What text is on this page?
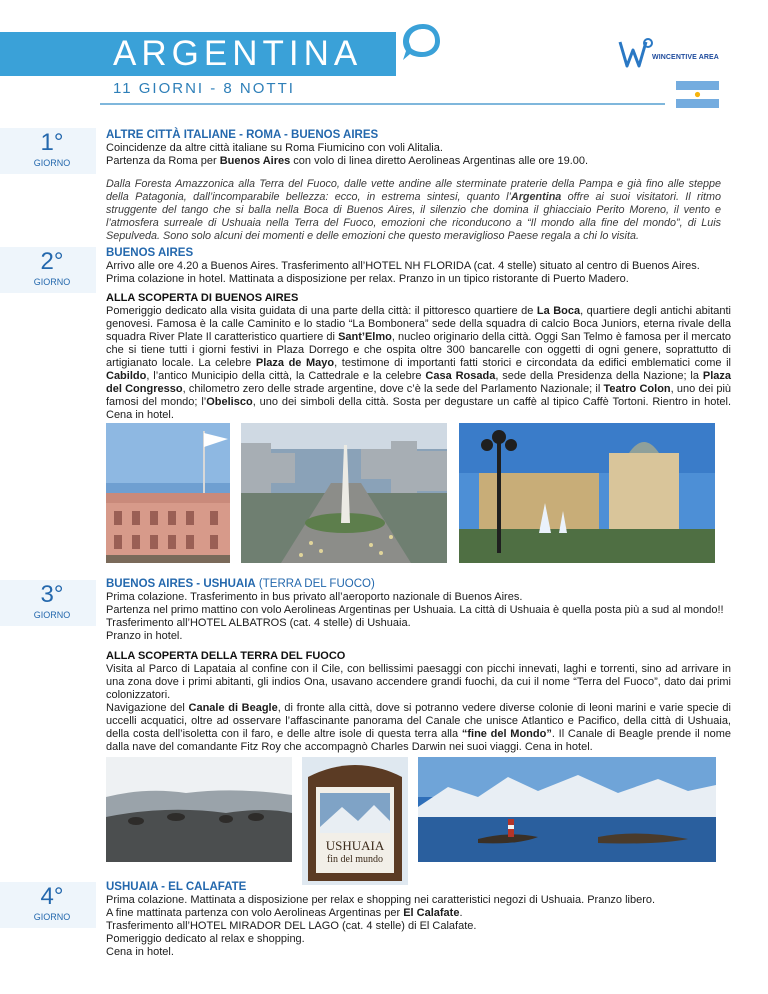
ARGENTINA	WINCENTIVE AREA
11 GIORNI - 8 NOTTI
1°
GIORNO
ALTRE CITTÀ ITALIANE - ROMA - BUENOS AIRES

Coincidenze da altre città italiane su Roma Fiumicino con voli Alitalia.

Partenza da Roma per Buenos Aires con volo di linea diretto Aerolineas Argentinas alle ore 19.00.

Dalla Foresta Amazzonica alla Terra del Fuoco, dalle vette andine alle sterminate praterie della Pampa e già fino alle steppe della Patagonia, dall’incomparabile bellezza: ecco, in estrema sintesi, quanto l’Argentina offre ai suoi visitatori. Il ritmo struggente del tango che si balla nella Boca di Buenos Aires, il silenzio che domina il ghiacciaio Perito Moreno, il vento e l’atmosfera surreale di Ushuaia nella Terra del Fuoco, emozioni che riconducono a “Il mondo alla fine del mondo”, di Luis Sepulveda. Sono solo alcuni dei momenti e delle emozioni che questo meraviglioso Paese regala a chi lo visita.

2°
GIORNO
BUENOS AIRES

Arrivo alle ore 4.20 a Buenos Aires. Trasferimento all’HOTEL NH FLORIDA (cat. 4 stelle) situato al centro di Buenos Aires. Prima colazione in hotel. Mattinata a disposizione per relax. Pranzo in un tipico ristorante di Puerto Madero.

ALLA SCOPERTA DI BUENOS AIRES

Pomeriggio dedicato alla visita guidata di una parte della città: il pittoresco quartiere de La Boca, quartiere degli antichi abitanti genovesi. Famosa è la calle Caminito e lo stadio “La Bombonera” sede della squadra di calcio Boca Juniors, eterna rivale della squadra River Plate Il caratteristico quartiere di Sant’Elmo, nucleo originario della città. Oggi San Telmo è famosa per il mercato che si tiene tutti i giorni festivi in Plaza Dorrego e che ospita oltre 300 bancarelle con oggetti di ogni genere, soprattutto di artigianato locale. La celebre Plaza de Mayo, testimone di importanti fatti storici e circondata da edifici emblematici come il Cabildo, l’antico Municipio della città, la Cattedrale e la celebre Casa Rosada, sede della Presidenza della Nazione; la Plaza del Congresso, chilometro zero delle strade argentine, dove c’è la sede del Parlamento Nazionale; il Teatro Colon, uno dei più famosi del mondo; l’Obelisco, uno dei simboli della città. Sosta per degustare un caffè al tipico Caffè Tortoni. Rientro in hotel. Cena in hotel.

3°
GIORNO
BUENOS AIRES - USHUAIA (TERRA DEL FUOCO)

Prima colazione. Trasferimento in bus privato all’aeroporto nazionale di Buenos Aires.

Partenza nel primo mattino con volo Aerolineas Argentinas per Ushuaia. La città di Ushuaia è quella posta più a sud al mondo!!

Trasferimento all’HOTEL ALBATROS (cat. 4 stelle) di Ushuaia.

Pranzo in hotel.

ALLA SCOPERTA DELLA TERRA DEL FUOCO

Visita al Parco di Lapataia al confine con il Cile, con bellissimi paesaggi con picchi innevati, laghi e torrenti, sino ad arrivare in una zona dove i primi abitanti, gli indios Ona, usavano accendere grandi fuochi, da cui il nome “Terra del Fuoco”, dato dai primi colonizzatori.

Navigazione del Canale di Beagle, di fronte alla città, dove si potranno vedere diverse colonie di leoni marini e varie specie di uccelli acquatici, oltre ad osservare l’affascinante panorama del Canale che unisce Atlantico e Pacifico, della città di Ushuaia, della costa dell’isoletta con il faro, e delle altre isole di questa terra alla “fine del Mondo”. Il Canale di Beagle prende il nome dalla nave del comandante Fitz Roy che accompagnò Charles Darwin nei suoi viaggi. Cena in hotel.

USHUAIA
fin del mundo
4°
GIORNO
USHUAIA - EL CALAFATE

Prima colazione. Mattinata a disposizione per relax e shopping nei caratteristici negozi di Ushuaia. Pranzo libero.

A fine mattinata partenza con volo Aerolineas Argentinas per El Calafate.

Trasferimento all’HOTEL MIRADOR DEL LAGO (cat. 4 stelle) di El Calafate.

Pomeriggio dedicato al relax e shopping.

Cena in hotel.
